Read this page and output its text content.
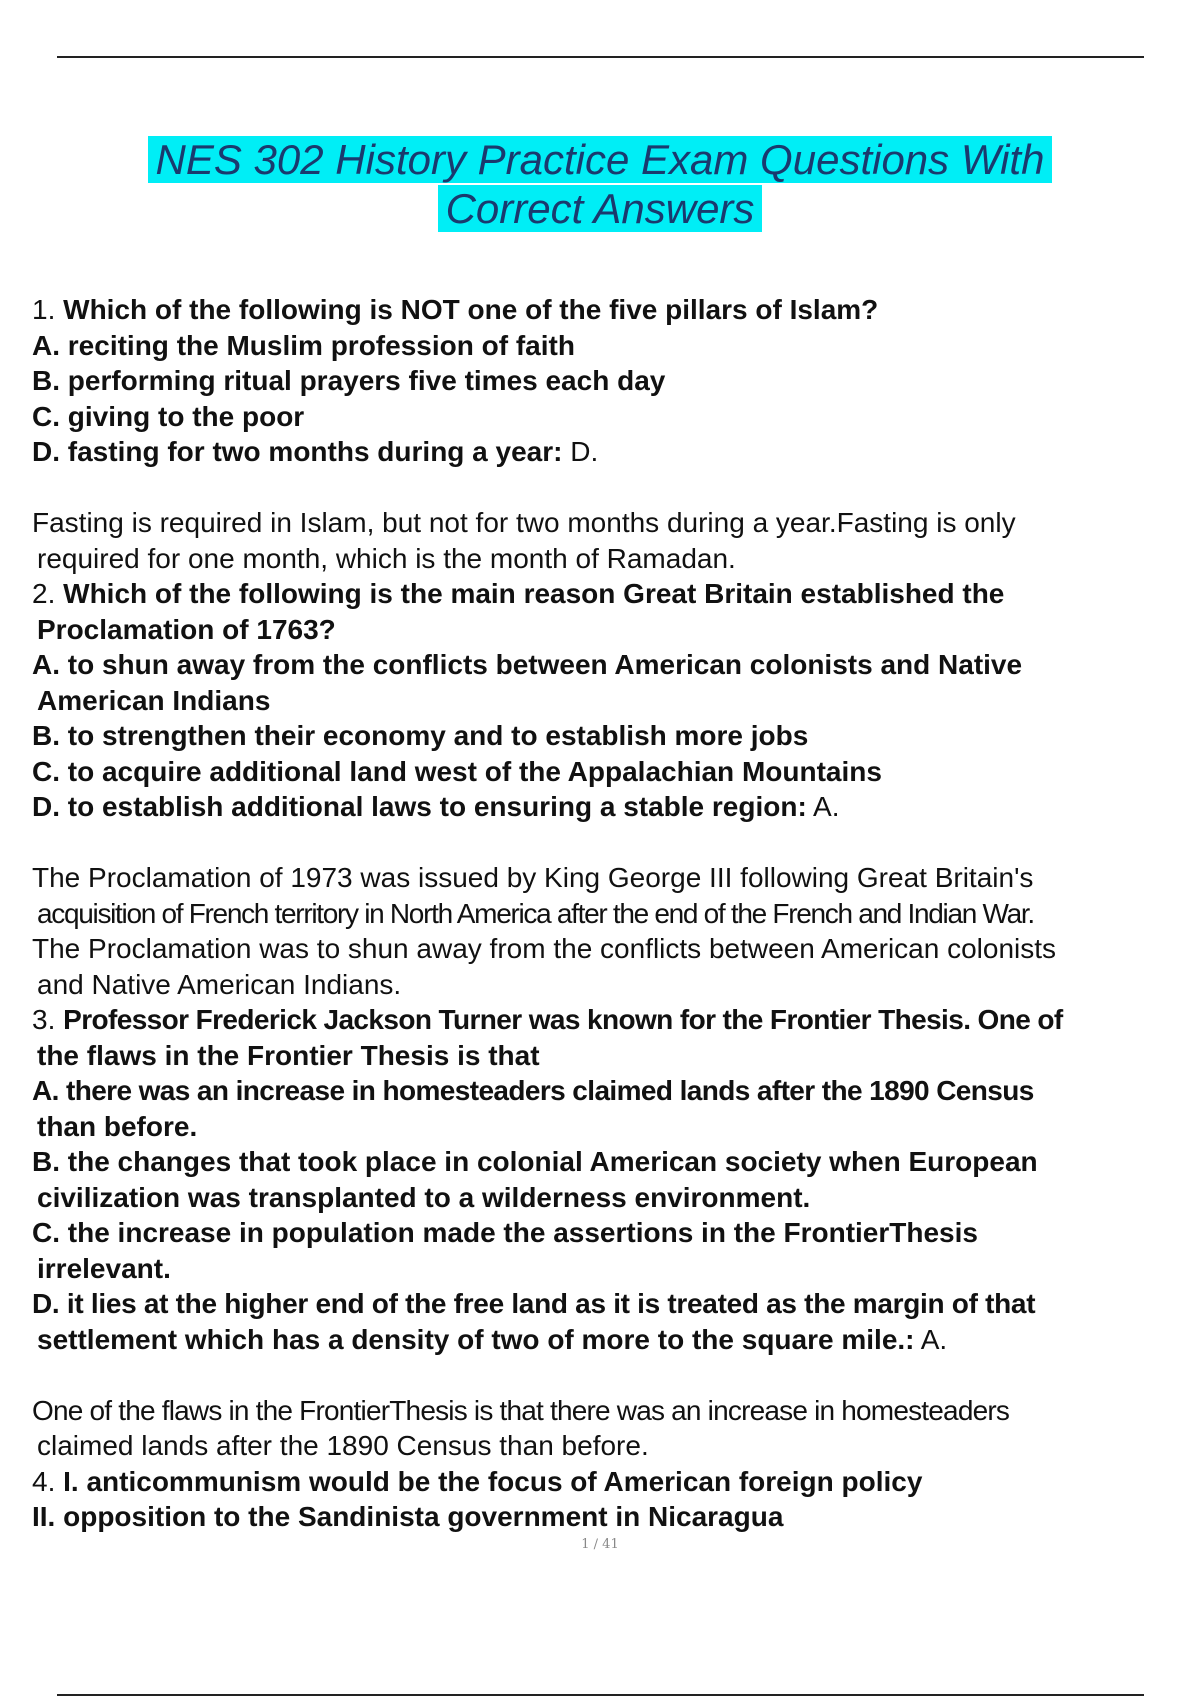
NES 302 History Practice Exam Questions With
Correct Answers
1. Which of the following is NOT one of the five pillars of Islam?
A. reciting the Muslim profession of faith
B. performing ritual prayers five times each day
C. giving to the poor
D. fasting for two months during a year: D.
Fasting is required in Islam, but not for two months during a year.Fasting is only
required for one month, which is the month of Ramadan.
2. Which of the following is the main reason Great Britain established the
Proclamation of 1763?
A. to shun away from the conflicts between American colonists and Native
American Indians
B. to strengthen their economy and to establish more jobs
C. to acquire additional land west of the Appalachian Mountains
D. to establish additional laws to ensuring a stable region: A.
The Proclamation of 1973 was issued by King George III following Great Britain's
acquisition of French territory in North America after the end of the French and Indian War.
The Proclamation was to shun away from the conflicts between American colonists
and Native American Indians.
3. Professor Frederick Jackson Turner was known for the Frontier Thesis. One of
the flaws in the Frontier Thesis is that
A. there was an increase in homesteaders claimed lands after the 1890 Census
than before.
B. the changes that took place in colonial American society when European
civilization was transplanted to a wilderness environment.
C. the increase in population made the assertions in the FrontierThesis
irrelevant.
D. it lies at the higher end of the free land as it is treated as the margin of that
settlement which has a density of two of more to the square mile.: A.
One of the flaws in the FrontierThesis is that there was an increase in homesteaders
claimed lands after the 1890 Census than before.
4. I. anticommunism would be the focus of American foreign policy
II. opposition to the Sandinista government in Nicaragua
1 / 41
